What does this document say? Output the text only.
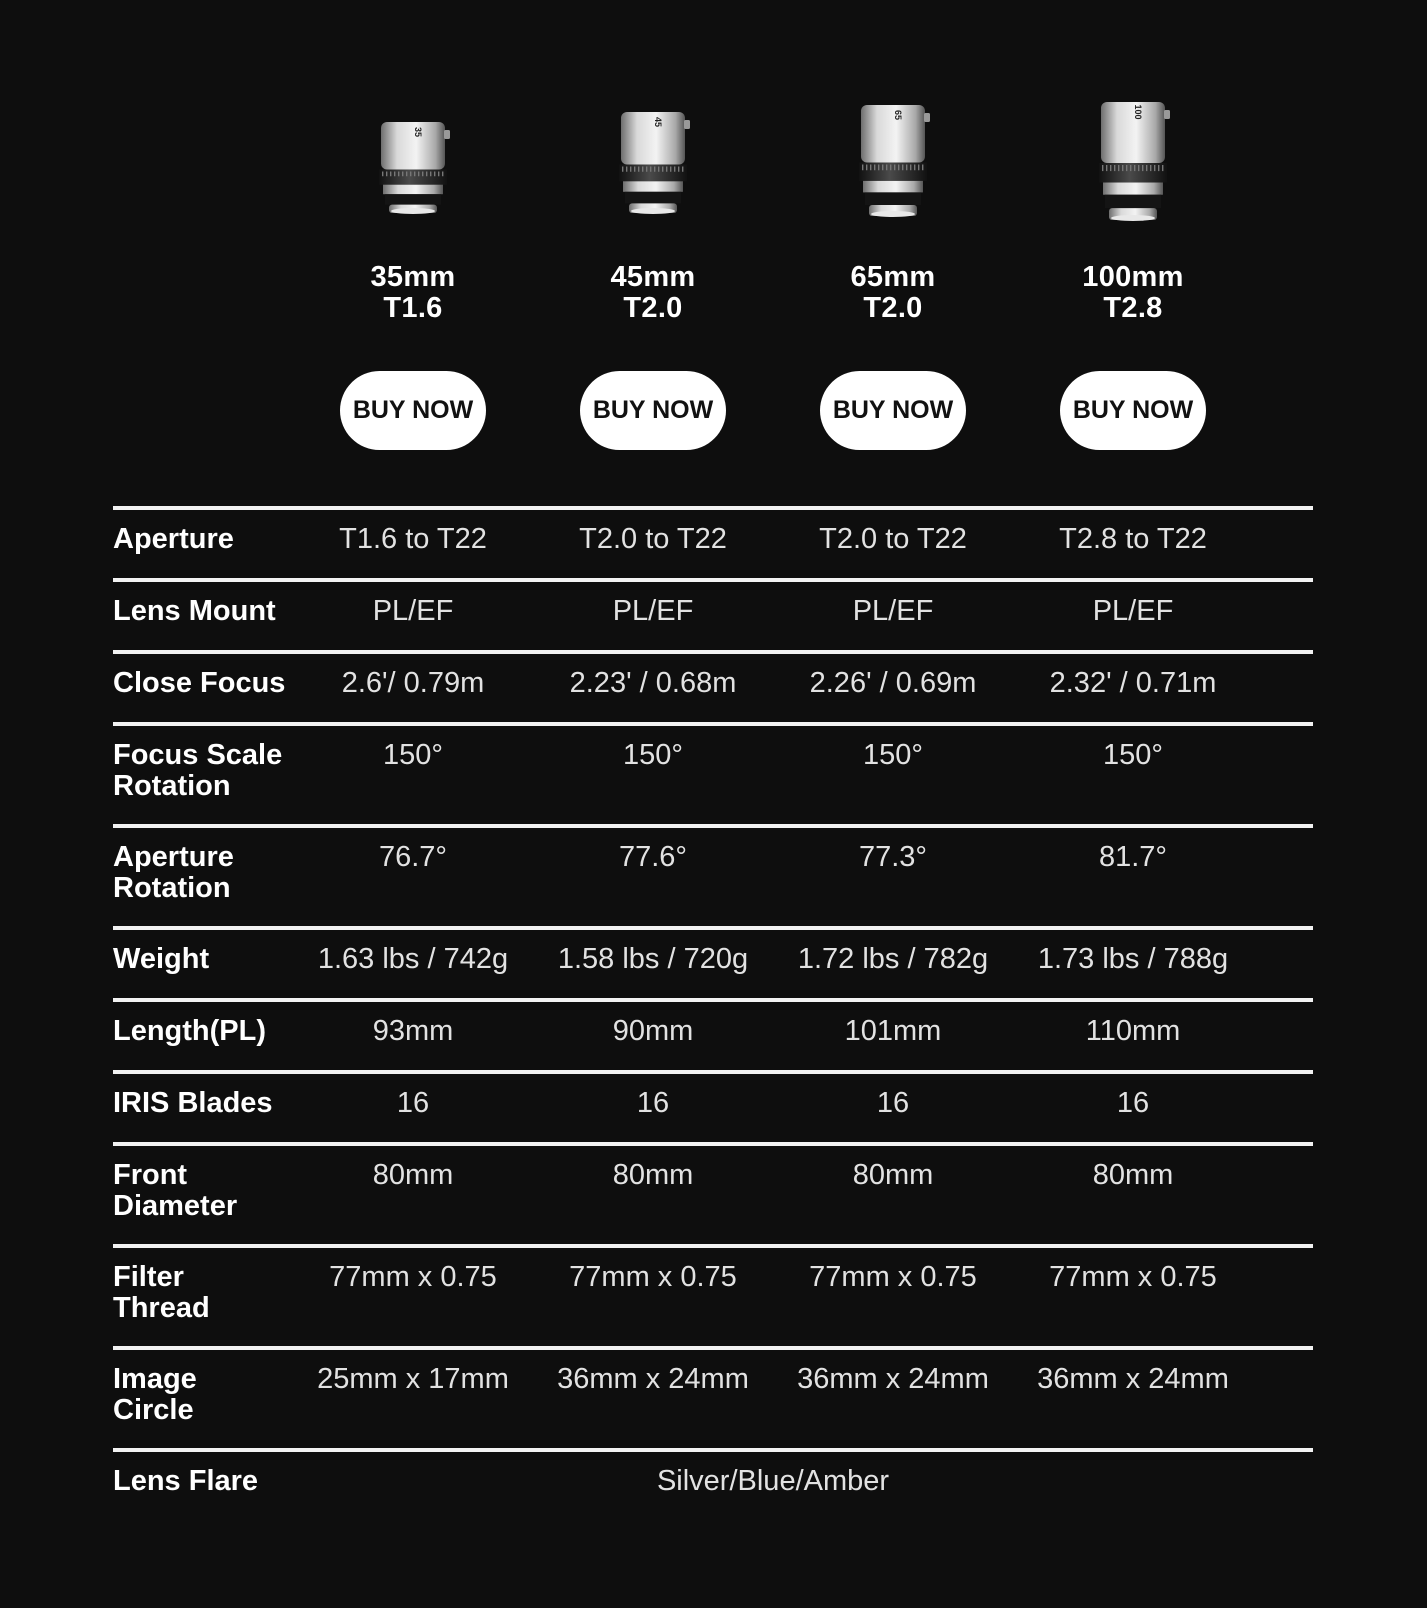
35
35mm
T1.6
BUY NOW
45
45mm
T2.0
BUY NOW
65
65mm
T2.0
BUY NOW
100
100mm
T2.8
BUY NOW
Aperture	T1.6 to T22	T2.0 to T22	T2.0 to T22	T2.8 to T22
Lens Mount	PL/EF	PL/EF	PL/EF	PL/EF
Close Focus	2.6'/ 0.79m	2.23' / 0.68m	2.26' / 0.69m	2.32' / 0.71m
Focus Scale
Rotation
150°	150°	150°	150°
Aperture
Rotation
76.7°	77.6°	77.3°	81.7°
Weight	1.63 lbs / 742g	1.58 lbs / 720g	1.72 lbs / 782g	1.73 lbs / 788g
Length(PL)	93mm	90mm	101mm	110mm
IRIS Blades	16	16	16	16
Front
Diameter
80mm	80mm	80mm	80mm
Filter
Thread
77mm x 0.75	77mm x 0.75	77mm x 0.75	77mm x 0.75
Image
Circle
25mm x 17mm	36mm x 24mm	36mm x 24mm	36mm x 24mm
Lens Flare	Silver/Blue/Amber
